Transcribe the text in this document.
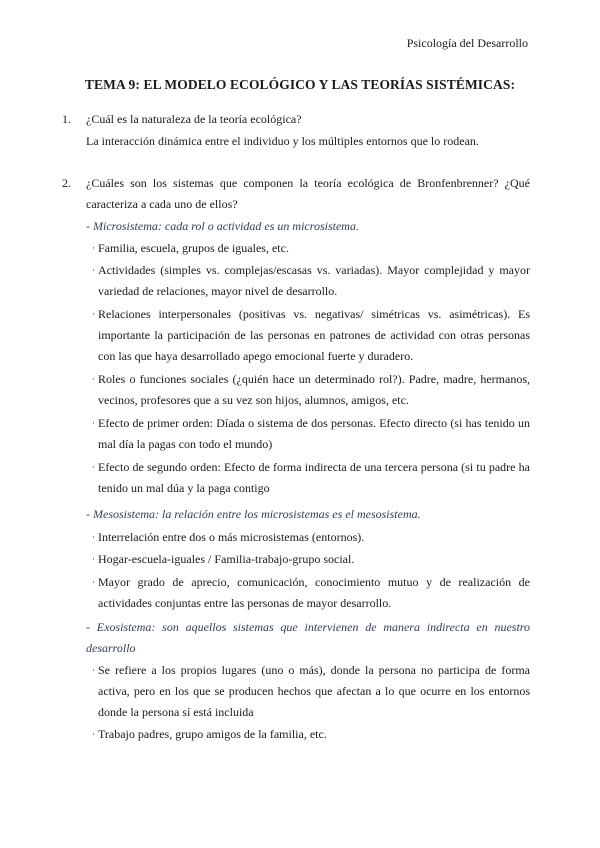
Psicología del Desarrollo
TEMA 9: EL MODELO ECOLÓGICO Y LAS TEORÍAS SISTÉMICAS:
1. ¿Cuál es la naturaleza de la teoría ecológica?
La interacción dinámica entre el individuo y los múltiples entornos que lo rodean.
2. ¿Cuáles son los sistemas que componen la teoría ecológica de Bronfenbrenner? ¿Qué caracteriza a cada uno de ellos?
- Microsistema: cada rol o actividad es un microsistema.
· Familia, escuela, grupos de iguales, etc.
· Actividades (simples vs. complejas/escasas vs. variadas). Mayor complejidad y mayor variedad de relaciones, mayor nivel de desarrollo.
· Relaciones interpersonales (positivas vs. negativas/ simétricas vs. asimétricas). Es importante la participación de las personas en patrones de actividad con otras personas con las que haya desarrollado apego emocional fuerte y duradero.
· Roles o funciones sociales (¿quién hace un determinado rol?). Padre, madre, hermanos, vecinos, profesores que a su vez son hijos, alumnos, amigos, etc.
· Efecto de primer orden: Díada o sistema de dos personas. Efecto directo (si has tenido un mal día la pagas con todo el mundo)
· Efecto de segundo orden: Efecto de forma indirecta de una tercera persona (si tu padre ha tenido un mal dúa y la paga contigo
- Mesosistema: la relación entre los microsistemas es el mesosistema.
· Interrelación entre dos o más microsistemas (entornos).
· Hogar-escuela-iguales / Familia-trabajo-grupo social.
· Mayor grado de aprecio, comunicación, conocimiento mutuo y de realización de actividades conjuntas entre las personas de mayor desarrollo.
- Exosistema: son aquellos sistemas que intervienen de manera indirecta en nuestro desarrollo
· Se refiere a los propios lugares (uno o más), donde la persona no participa de forma activa, pero en los que se producen hechos que afectan a lo que ocurre en los entornos donde la persona sí está incluida
· Trabajo padres, grupo amigos de la familia, etc.
